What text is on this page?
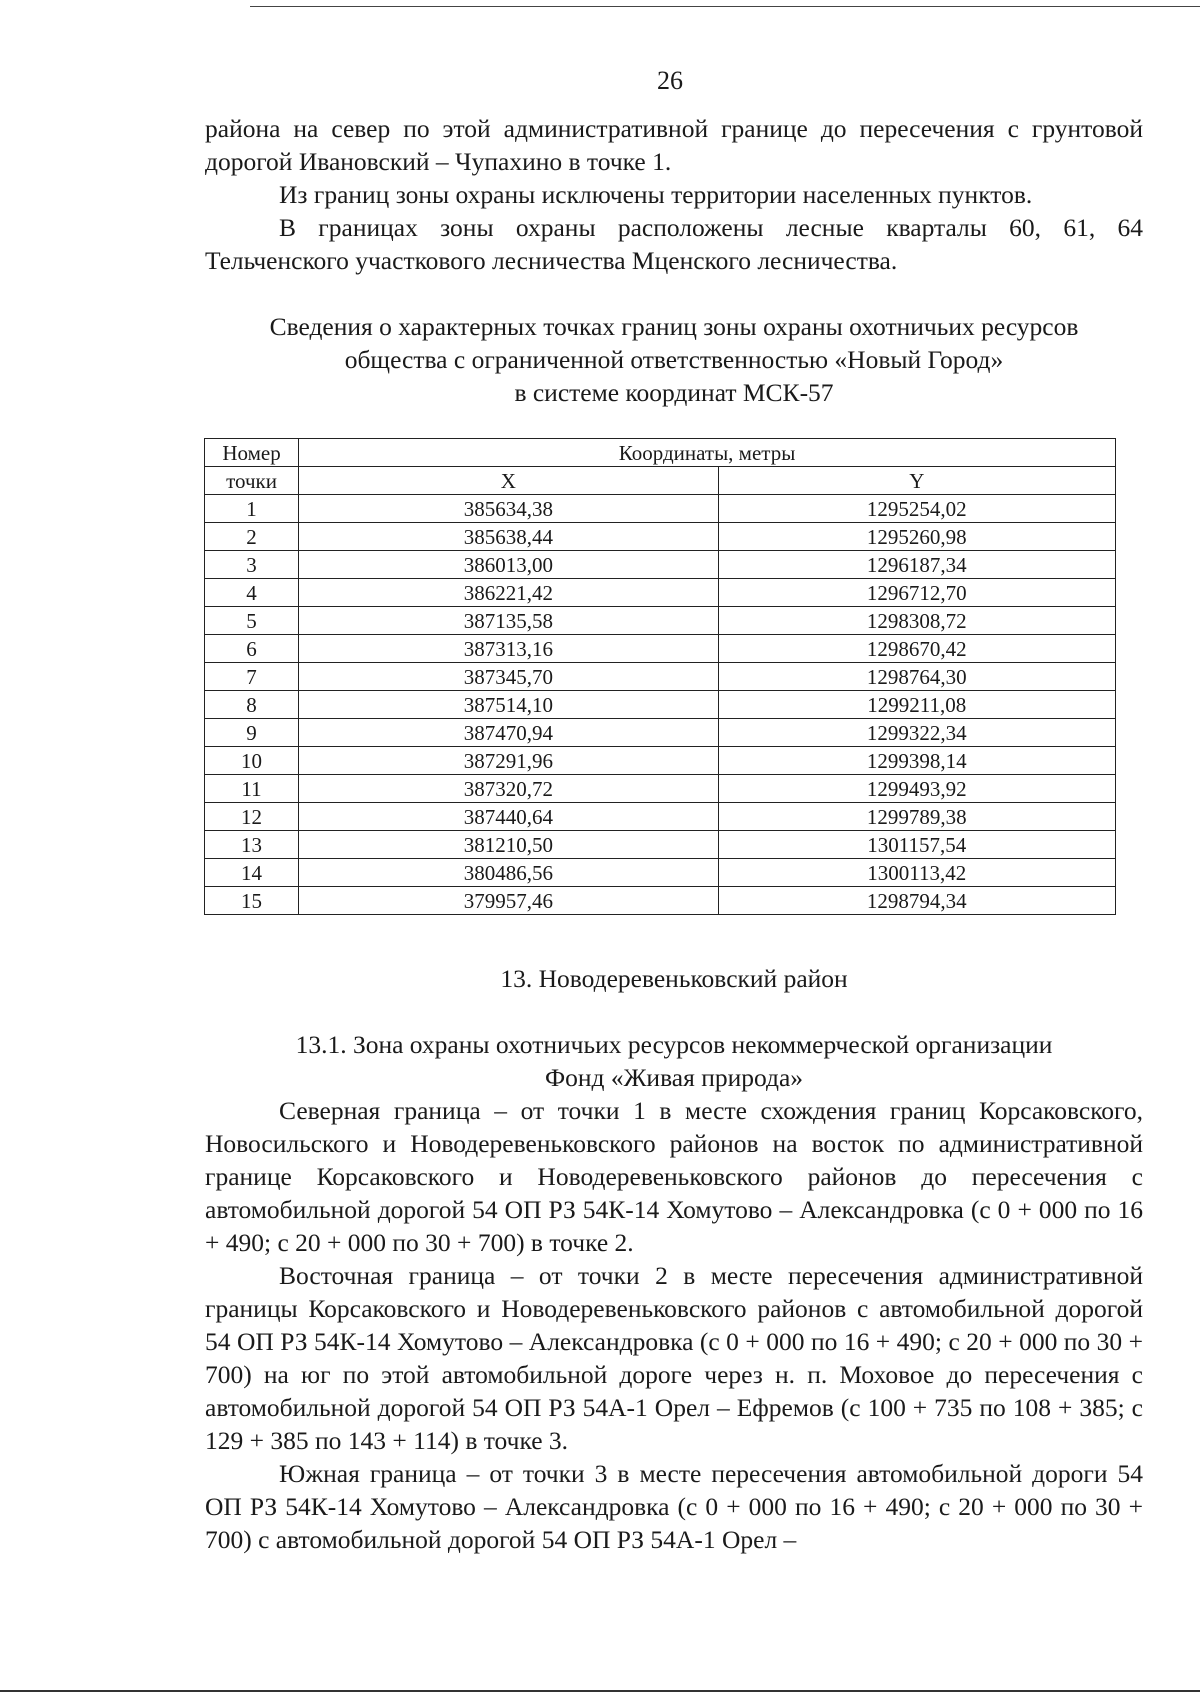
26

района на север по этой административной границе до пересечения с грунтовой дорогой Ивановский – Чупахино в точке 1.

Из границ зоны охраны исключены территории населенных пунктов.

В границах зоны охраны расположены лесные кварталы 60, 61, 64 Тельченского участкового лесничества Мценского лесничества.

Сведения о характерных точках границ зоны охраны охотничьих ресурсов
общества с ограниченной ответственностью «Новый Город»
в системе координат МСК-57
Номер	Координаты, метры	
точки	X	Y
1	385634,38	1295254,02
2	385638,44	1295260,98
3	386013,00	1296187,34
4	386221,42	1296712,70
5	387135,58	1298308,72
6	387313,16	1298670,42
7	387345,70	1298764,30
8	387514,10	1299211,08
9	387470,94	1299322,34
10	387291,96	1299398,14
11	387320,72	1299493,92
12	387440,64	1299789,38
13	381210,50	1301157,54
14	380486,56	1300113,42
15	379957,46	1298794,34
13. Новодеревеньковский район
13.1. Зона охраны охотничьих ресурсов некоммерческой организации
Фонд «Живая природа»

Северная граница – от точки 1 в месте схождения границ Корсаковского, Новосильского и Новодеревеньковского районов на восток по административной границе Корсаковского и Новодеревеньковского районов до пересечения с автомобильной дорогой 54 ОП РЗ 54К-14 Хомутово – Александровка (с 0 + 000 по 16 + 490; с 20 + 000 по 30 + 700) в точке 2.

Восточная граница – от точки 2 в месте пересечения административной границы Корсаковского и Новодеревеньковского районов с автомобильной дорогой 54 ОП РЗ 54К-14 Хомутово – Александровка (с 0 + 000 по 16 + 490; с 20 + 000 по 30 + 700) на юг по этой автомобильной дороге через н. п. Моховое до пересечения с автомобильной дорогой 54 ОП РЗ 54А-1 Орел – Ефремов (с 100 + 735 по 108 + 385; с 129 + 385 по 143 + 114) в точке 3.

Южная граница – от точки 3 в месте пересечения автомобильной дороги 54 ОП РЗ 54К-14 Хомутово – Александровка (с 0 + 000 по 16 + 490; с 20 + 000 по 30 + 700) с автомобильной дорогой 54 ОП РЗ 54А-1 Орел –
